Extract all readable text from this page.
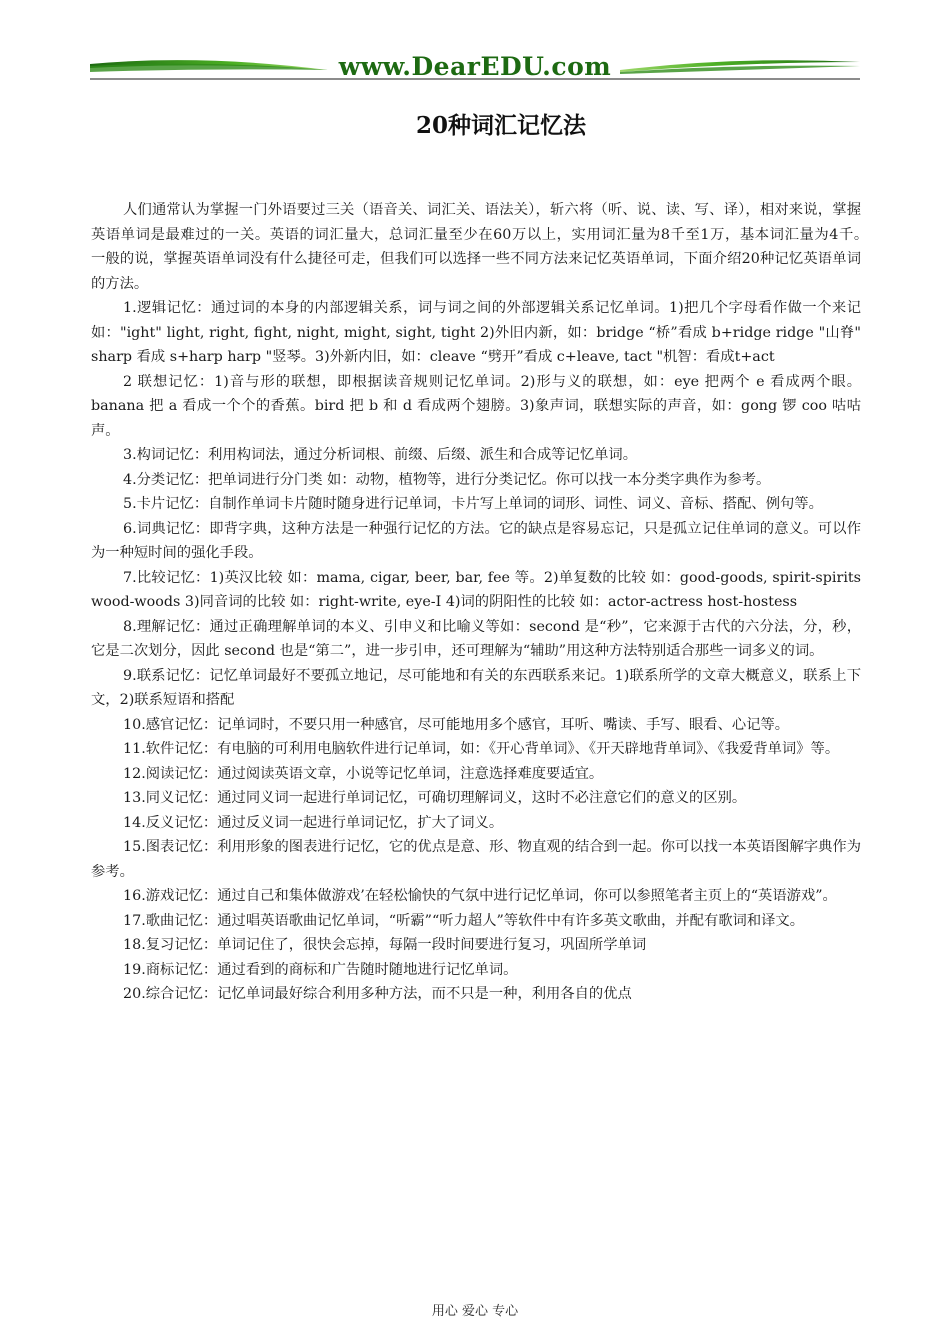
www.DearEDU.com
20种词汇记忆法

人们通常认为掌握一门外语要过三关（语音关、词汇关、语法关），斩六将（听、说、读、写、译），相对来说，掌握英语单词是最难过的一关。英语的词汇量大，总词汇量至少在60万以上，实用词汇量为8千至1万，基本词汇量为4千。　　一般的说，掌握英语单词没有什么捷径可走，但我们可以选择一些不同方法来记忆英语单词，下面介绍20种记忆英语单词的方法。

1.逻辑记忆：通过词的本身的内部逻辑关系，词与词之间的外部逻辑关系记忆单词。1)把几个字母看作做一个来记 如："ight" light, right, fight, night, might, sight, tight 2)外旧内新，如：bridge “桥”看成 b+ridge ridge "山脊" sharp 看成 s+harp harp "竖琴。3)外新内旧，如：cleave “劈开”看成 c+leave, tact "机智：看成t+act

2 联想记忆：1)音与形的联想，即根据读音规则记忆单词。2)形与义的联想，如：eye 把两个 e 看成两个眼。banana 把 a 看成一个个的香蕉。bird 把 b 和 d 看成两个翅膀。3)象声词，联想实际的声音，如：gong 锣 coo 咕咕声。

3.构词记忆：利用构词法，通过分析词根、前缀、后缀、派生和合成等记忆单词。

4.分类记忆：把单词进行分门类 如：动物，植物等，进行分类记忆。你可以找一本分类字典作为参考。

5.卡片记忆：自制作单词卡片随时随身进行记单词，卡片写上单词的词形、词性、词义、音标、搭配、例句等。

6.词典记忆：即背字典，这种方法是一种强行记忆的方法。它的缺点是容易忘记，只是孤立记住单词的意义。可以作为一种短时间的强化手段。

7.比较记忆：1)英汉比较 如：mama, cigar, beer, bar, fee 等。2)单复数的比较 如：good-goods, spirit-spirits wood-woods 3)同音词的比较 如：right-write, eye-I 4)词的阴阳性的比较 如：actor-actress host-hostess

8.理解记忆：通过正确理解单词的本义、引申义和比喻义等如：second 是“秒”，它来源于古代的六分法，分，秒，它是二次划分，因此 second 也是“第二”，进一步引申，还可理解为“辅助”用这种方法特别适合那些一词多义的词。

9.联系记忆：记忆单词最好不要孤立地记，尽可能地和有关的东西联系来记。1)联系所学的文章大概意义，联系上下文，2)联系短语和搭配

10.感官记忆：记单词时，不要只用一种感官，尽可能地用多个感官，耳听、嘴读、手写、眼看、心记等。

11.软件记忆：有电脑的可利用电脑软件进行记单词，如：《开心背单词》、《开天辟地背单词》、《我爱背单词》等。

12.阅读记忆：通过阅读英语文章，小说等记忆单词，注意选择难度要适宜。

13.同义记忆：通过同义词一起进行单词记忆，可确切理解词义，这时不必注意它们的意义的区别。

14.反义记忆：通过反义词一起进行单词记忆，扩大了词义。

15.图表记忆：利用形象的图表进行记忆，它的优点是意、形、物直观的结合到一起。你可以找一本英语图解字典作为参考。

16.游戏记忆：通过自己和集体做游戏’在轻松愉快的气氛中进行记忆单词，你可以参照笔者主页上的“英语游戏”。

17.歌曲记忆：通过唱英语歌曲记忆单词，“听霸”“听力超人”等软件中有许多英文歌曲，并配有歌词和译文。

18.复习记忆：单词记住了，很快会忘掉，每隔一段时间要进行复习，巩固所学单词

19.商标记忆：通过看到的商标和广告随时随地进行记忆单词。

20.综合记忆：记忆单词最好综合利用多种方法，而不只是一种，利用各自的优点

用心 爱心 专心
